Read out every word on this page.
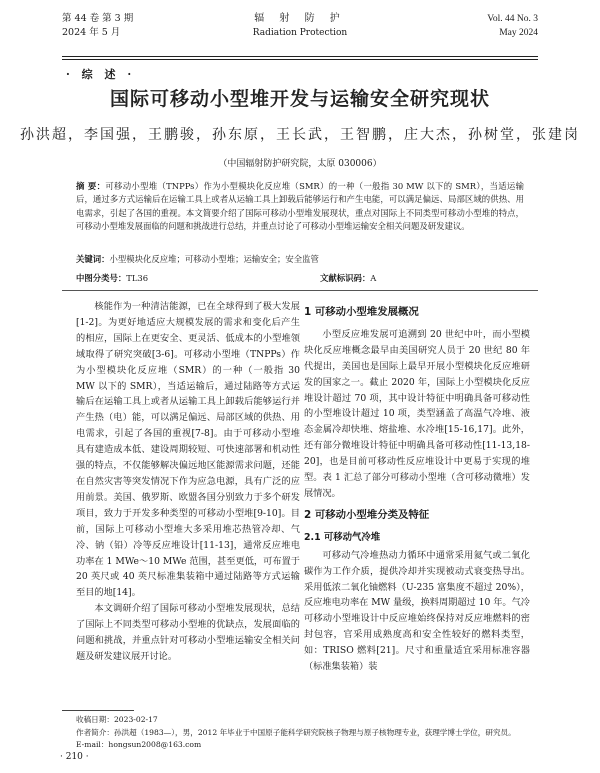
第 44 卷 第 3 期
2024 年 5 月
辐 射 防 护
Radiation Protection
Vol. 44 No. 3
May 2024
· 综 述 ·
国际可移动小型堆开发与运输安全研究现状
孙洪超，李国强，王鹏骏，孙东原，王长武，王智鹏，庄大杰，孙树堂，张建岗
（中国辐射防护研究院，太原 030006）
摘 要：可移动小型堆（TNPPs）作为小型模块化反应堆（SMR）的一种（一般指 30 MW 以下的 SMR），当适运输后，通过多方式运输后在运输工具上或者从运输工具上卸载后能够运行和产生电能，可以满足偏远、局部区域的供热、用电需求，引起了各国的重视。本文简要介绍了国际可移动小型堆发展现状，重点对国际上不同类型可移动小型堆的特点，可移动小型堆发展面临的问题和挑战进行总结，并重点讨论了可移动小型堆运输安全相关问题及研发建议。
关键词：小型模块化反应堆；可移动小型堆；运输安全；安全监管
中图分类号：TL36	文献标识码：A

核能作为一种清洁能源，已在全球得到了极大发展[1-2]。为更好地适应大规模发展的需求和变化后产生的相应，国际上在更安全、更灵活、低成本的小型堆领域取得了研究突破[3-6]。可移动小型堆（TNPPs）作为小型模块化反应堆（SMR）的一种（一般指 30 MW 以下的 SMR），当适运输后，通过陆路等方式运输后在运输工具上或者从运输工具上卸载后能够运行并产生热（电）能，可以满足偏远、局部区域的供热、用电需求，引起了各国的重视[7-8]。由于可移动小型堆具有建造成本低、建设周期较短、可快速部署和机动性强的特点，不仅能够解决偏远地区能源需求问题，还能在自然灾害等突发情况下作为应急电源，具有广泛的应用前景。美国、俄罗斯、欧盟各国分别致力于多个研发项目，致力于开发多种类型的可移动小型堆[9-10]。目前，国际上可移动小型堆大多采用堆芯热管冷却、气冷、钠（铅）冷等反应堆设计[11-13]，通常反应堆电功率在 1 MWe～10 MWe 范围，甚至更低，可布置于 20 英尺或 40 英尺标准集装箱中通过陆路等方式运输至目的地[14]。

本文调研介绍了国际可移动小型堆发展现状，总结了国际上不同类型可移动小型堆的优缺点，发展面临的问题和挑战，并重点针对可移动小型堆运输安全相关问题及研发建议展开讨论。

1 可移动小型堆发展概况

小型反应堆发展可追溯到 20 世纪中叶，而小型模块化反应堆概念最早由美国研究人员于 20 世纪 80 年代提出，美国也是国际上最早开展小型模块化反应堆研发的国家之一。截止 2020 年，国际上小型模块化反应堆设计超过 70 项，其中设计特征中明确具备可移动性的小型堆设计超过 10 项，类型涵盖了高温气冷堆、液态金属冷却快堆、熔盐堆、水冷堆[15-16,17]。此外，还有部分微堆设计特征中明确具备可移动性[11-13,18-20]，也是目前可移动性反应堆设计中更易于实现的堆型。表 1 汇总了部分可移动小型堆（含可移动微堆）发展情况。

2 可移动小型堆分类及特征
2.1 可移动气冷堆

可移动气冷堆热动力循环中通常采用氦气或二氧化碳作为工作介质，提供冷却并实现被动式衰变热导出。采用低浓二氧化铀燃料（U-235 富集度不超过 20%），反应堆电功率在 MW 量级，换料周期超过 10 年。气冷可移动小型堆设计中反应堆始终保持对反应堆燃料的密封包容，官采用成熟度高和安全性较好的燃料类型，如：TRISO 燃料[21]。尺寸和重量适宜采用标准容器（标准集装箱）装

收稿日期：2023-02-17
作者简介：孙洪超（1983—），男，2012 年毕业于中国原子能科学研究院核子物理与原子核物理专业，获理学博士学位，研究员。
E-mail：hongsun2008@163.com
· 210 ·
